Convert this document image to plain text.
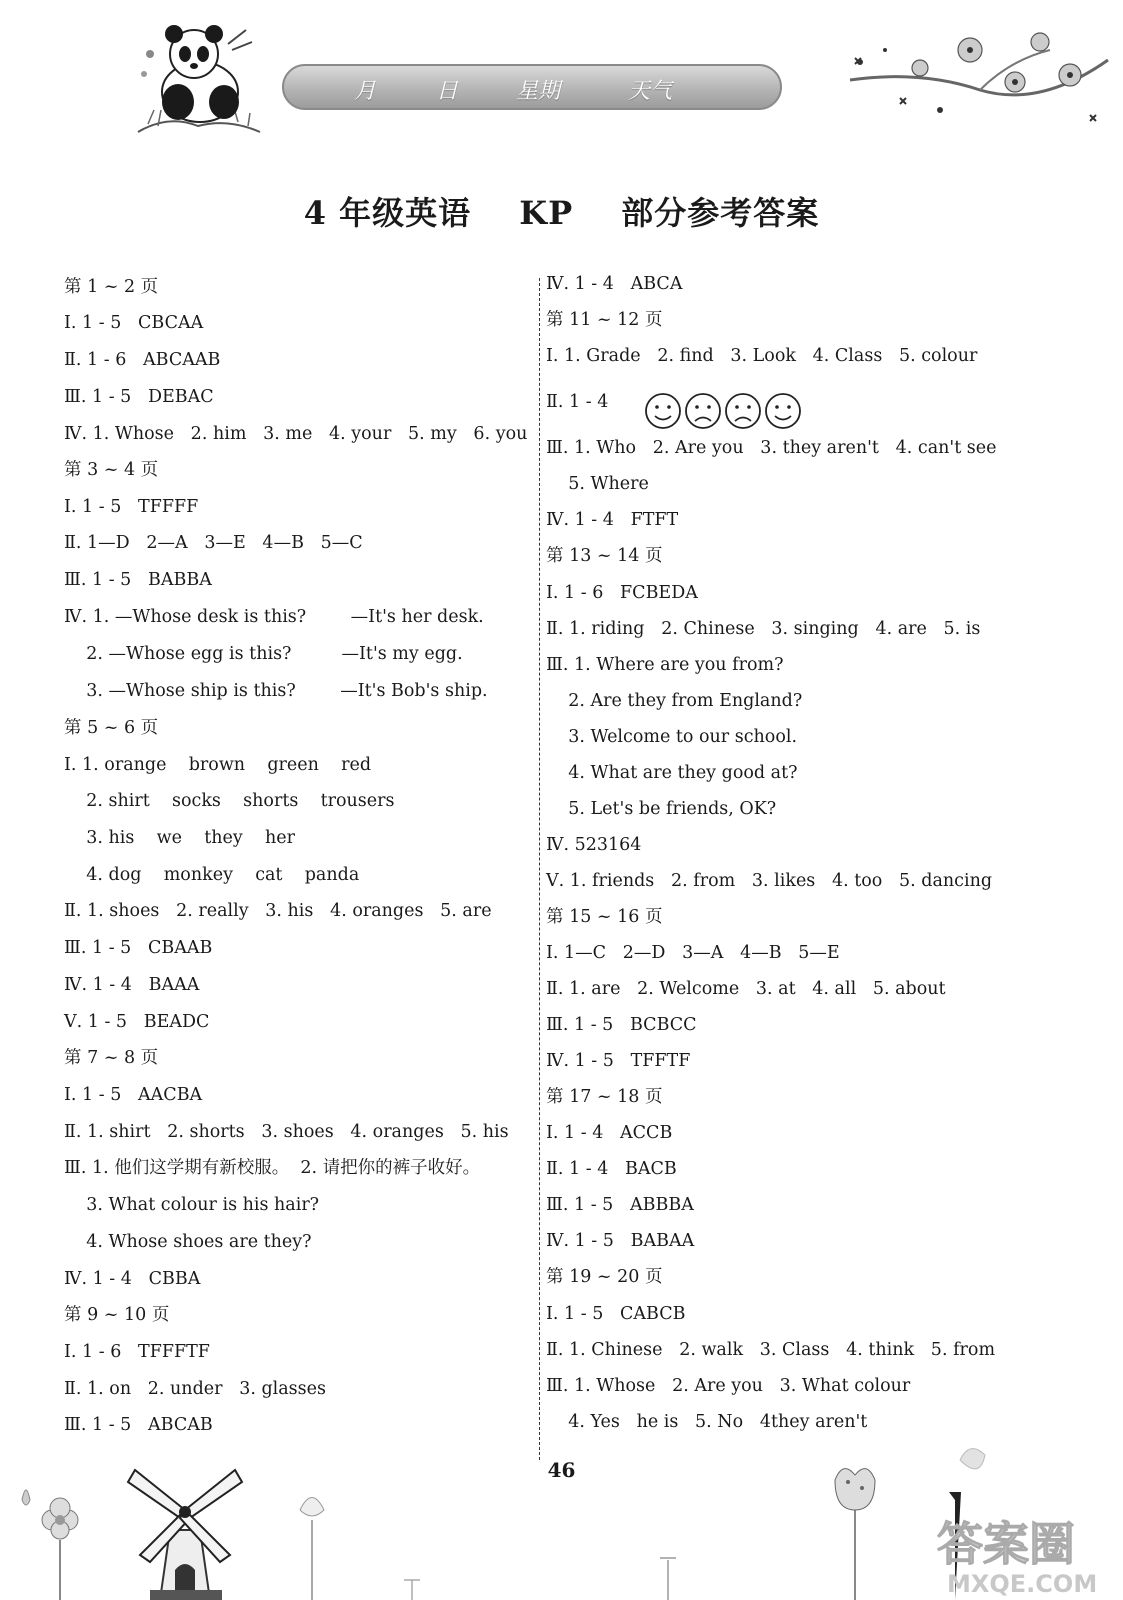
月	日	星期	天气
4 年级英语 KP 部分参考答案
第 1 ~ 2 页
Ⅰ. 1 - 5   CBCAA
Ⅱ. 1 - 6   ABCAAB
Ⅲ. 1 - 5   DEBAC
Ⅳ. 1. Whose   2. him   3. me   4. your   5. my   6. you
第 3 ~ 4 页
Ⅰ. 1 - 5   TFFFF
Ⅱ. 1—D   2—A   3—E   4—B   5—C
Ⅲ. 1 - 5   BABBA
Ⅳ. 1. —Whose desk is this?        —It's her desk.
2. —Whose egg is this?         —It's my egg.
3. —Whose ship is this?        —It's Bob's ship.
第 5 ~ 6 页
Ⅰ. 1. orange    brown    green    red
2. shirt    socks    shorts    trousers
3. his    we    they    her
4. dog    monkey    cat    panda
Ⅱ. 1. shoes   2. really   3. his   4. oranges   5. are
Ⅲ. 1 - 5   CBAAB
Ⅳ. 1 - 4   BAAA
Ⅴ. 1 - 5   BEADC
第 7 ~ 8 页
Ⅰ. 1 - 5   AACBA
Ⅱ. 1. shirt   2. shorts   3. shoes   4. oranges   5. his
Ⅲ. 1. 他们这学期有新校服。  2. 请把你的裤子收好。
3. What colour is his hair?
4. Whose shoes are they?
Ⅳ. 1 - 4   CBBA
第 9 ~ 10 页
Ⅰ. 1 - 6   TFFFTF
Ⅱ. 1. on   2. under   3. glasses
Ⅲ. 1 - 5   ABCAB
Ⅳ. 1 - 4   ABCA
第 11 ~ 12 页
Ⅰ. 1. Grade   2. find   3. Look   4. Class   5. colour
Ⅱ. 1 - 4
Ⅲ. 1. Who   2. Are you   3. they aren't   4. can't see
5. Where
Ⅳ. 1 - 4   FTFT
第 13 ~ 14 页
Ⅰ. 1 - 6   FCBEDA
Ⅱ. 1. riding   2. Chinese   3. singing   4. are   5. is
Ⅲ. 1. Where are you from?
2. Are they from England?
3. Welcome to our school.
4. What are they good at?
5. Let's be friends, OK?
Ⅳ. 523164
Ⅴ. 1. friends   2. from   3. likes   4. too   5. dancing
第 15 ~ 16 页
Ⅰ. 1—C   2—D   3—A   4—B   5—E
Ⅱ. 1. are   2. Welcome   3. at   4. all   5. about
Ⅲ. 1 - 5   BCBCC
Ⅳ. 1 - 5   TFFTF
第 17 ~ 18 页
Ⅰ. 1 - 4   ACCB
Ⅱ. 1 - 4   BACB
Ⅲ. 1 - 5   ABBBA
Ⅳ. 1 - 5   BABAA
第 19 ~ 20 页
Ⅰ. 1 - 5   CABCB
Ⅱ. 1. Chinese   2. walk   3. Class   4. think   5. from
Ⅲ. 1. Whose   2. Are you   3. What colour
4. Yes   he is   5. No   4they aren't
46
答案圈
MXQE.COM
